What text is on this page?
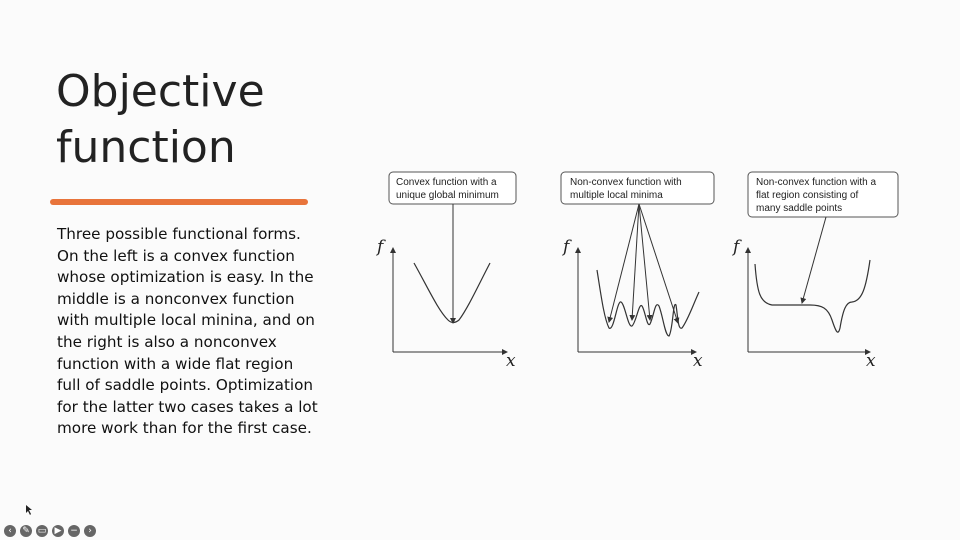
Objective
function
Three possible functional forms. On the left is a convex function whose optimization is easy. In the middle is a nonconvex function with multiple local minina, and on the right is also a nonconvex function with a wide flat region full of saddle points. Optimization for the latter two cases takes a lot more work than for the first case.
Convex function with a
unique global minimum
f
x
Non-convex function with
multiple local minima
f
x
Non-convex function with a
flat region consisting of
many saddle points
f
x
‹	✎ ▭ ▶ −	›
